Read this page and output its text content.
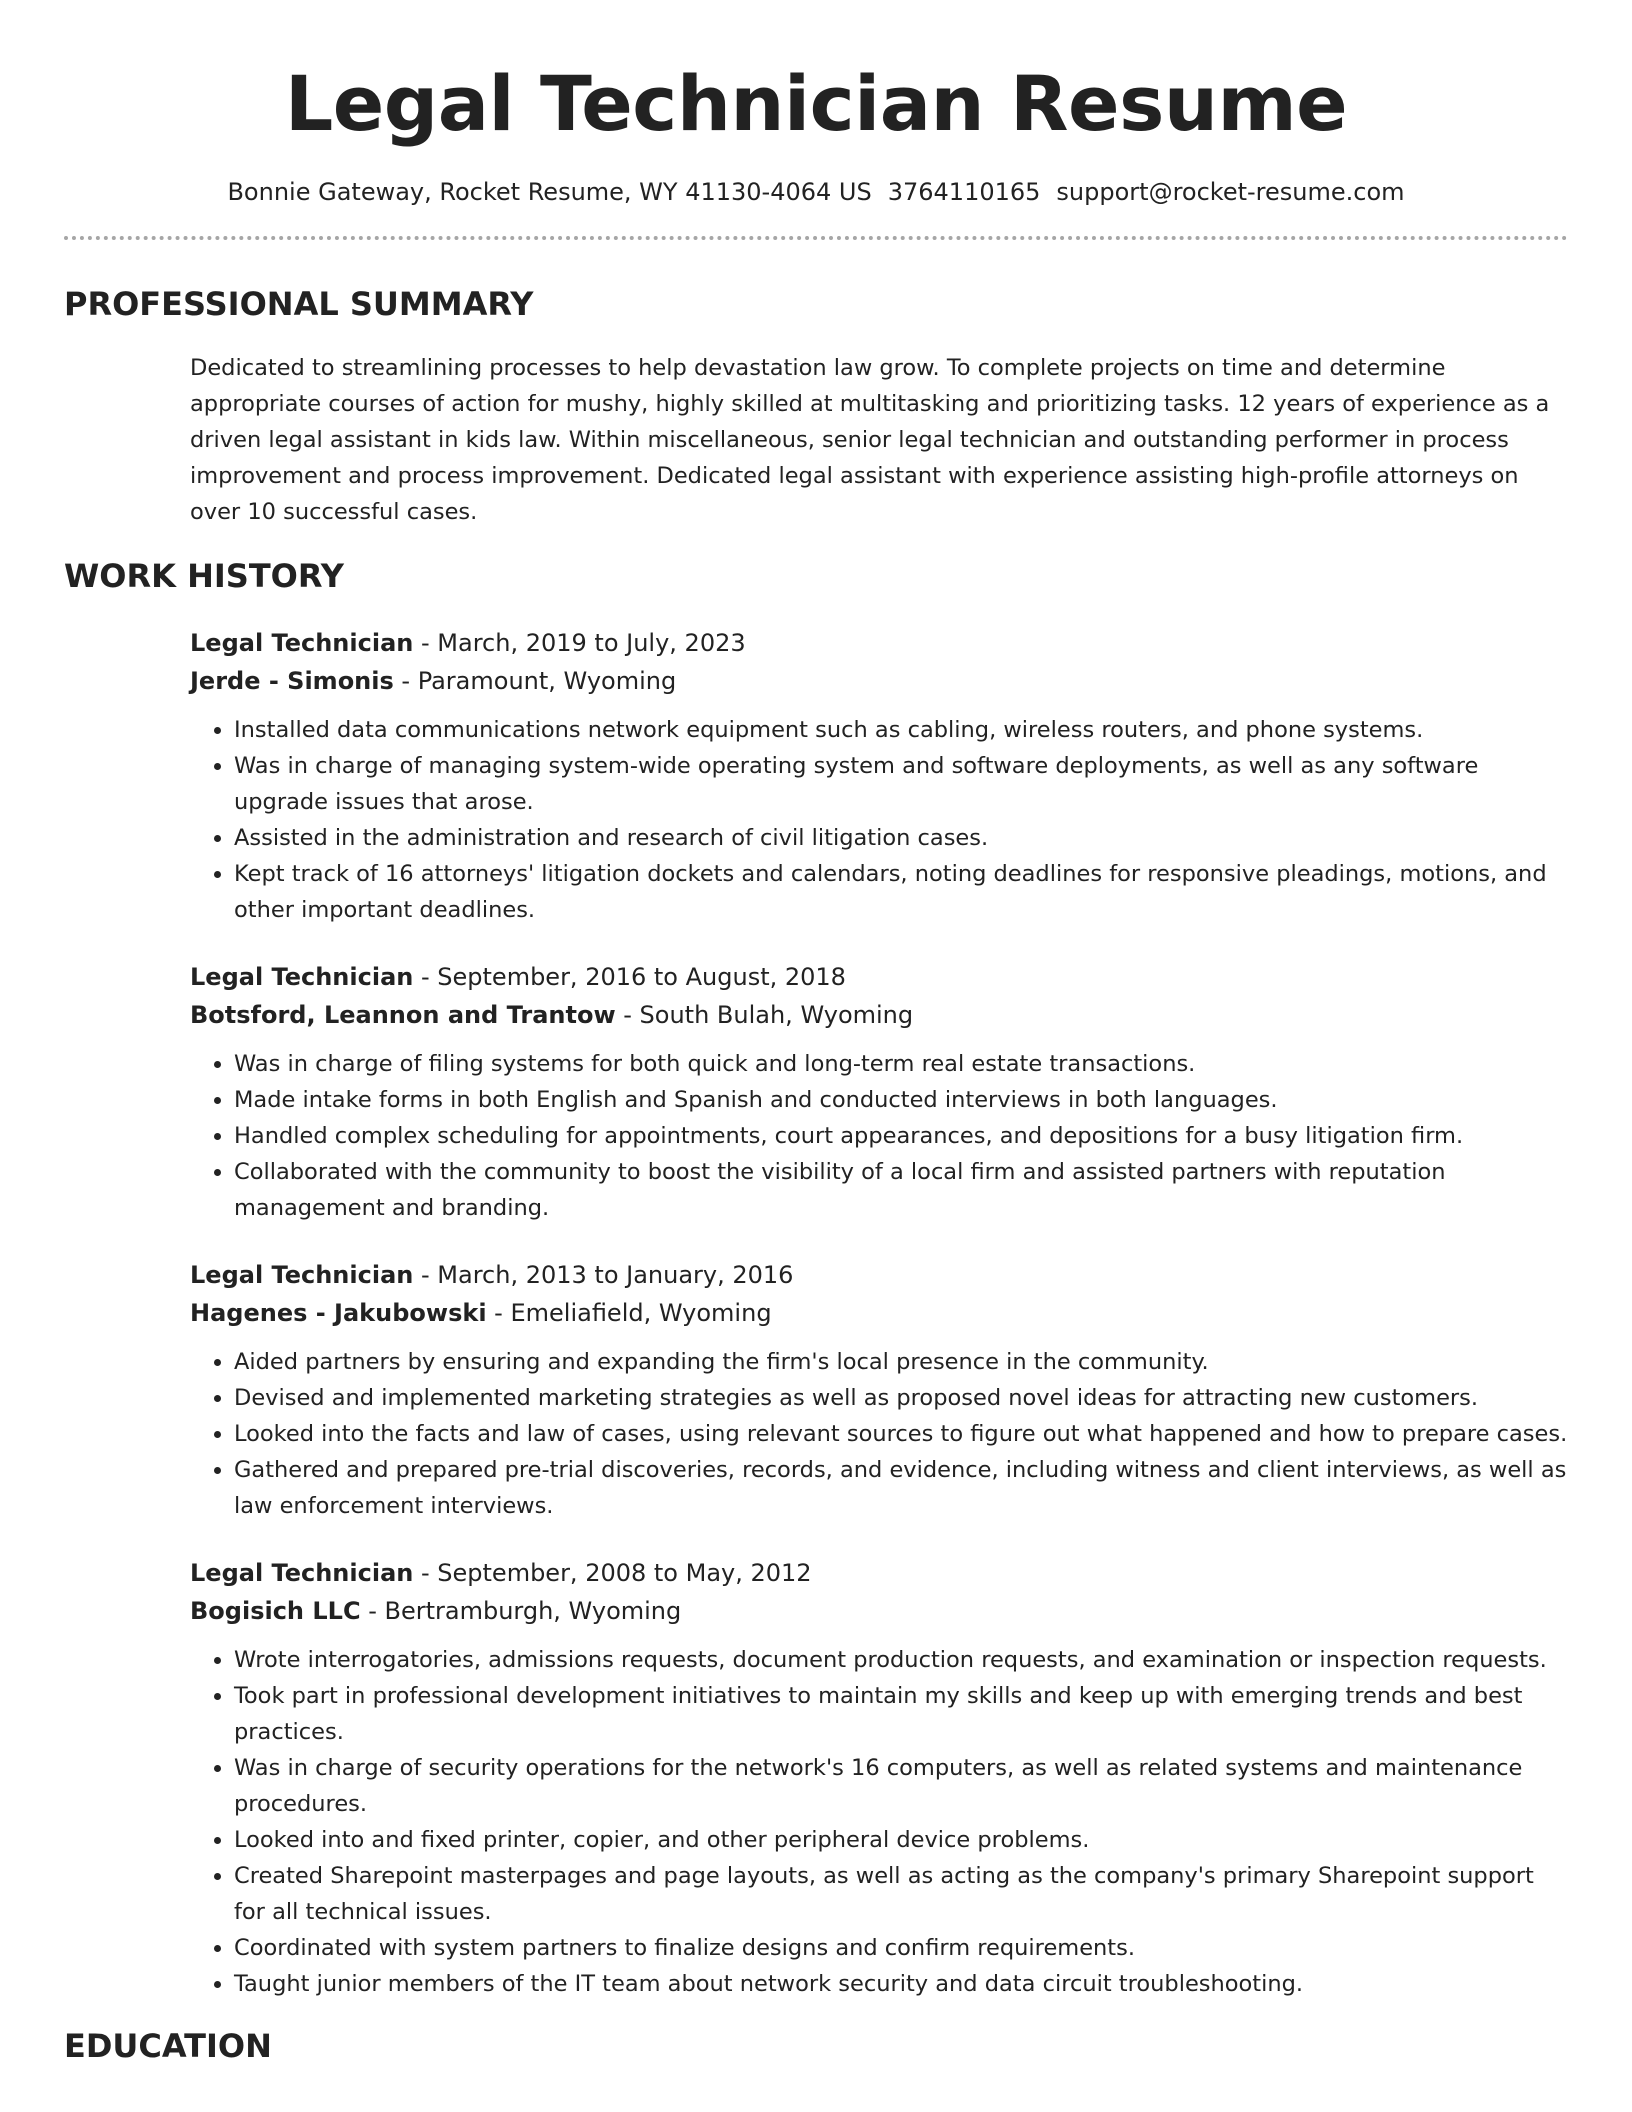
Legal Technician Resume
Bonnie Gateway, Rocket Resume, WY 41130-4064 US 3764110165 support@rocket-resume.com
PROFESSIONAL SUMMARY

Dedicated to streamlining processes to help devastation law grow. To complete projects on time and determine appropriate courses of action for mushy, highly skilled at multitasking and prioritizing tasks. 12 years of experience as a driven legal assistant in kids law. Within miscellaneous, senior legal technician and outstanding performer in process improvement and process improvement. Dedicated legal assistant with experience assisting high-profile attorneys on over 10 successful cases.

WORK HISTORY
Legal Technician - March, 2019 to July, 2023
Jerde - Simonis - Paramount, Wyoming
• Installed data communications network equipment such as cabling, wireless routers, and phone systems.
• Was in charge of managing system-wide operating system and software deployments, as well as any software upgrade issues that arose.
• Assisted in the administration and research of civil litigation cases.
• Kept track of 16 attorneys' litigation dockets and calendars, noting deadlines for responsive pleadings, motions, and other important deadlines.
Legal Technician - September, 2016 to August, 2018
Botsford, Leannon and Trantow - South Bulah, Wyoming
• Was in charge of filing systems for both quick and long-term real estate transactions.
• Made intake forms in both English and Spanish and conducted interviews in both languages.
• Handled complex scheduling for appointments, court appearances, and depositions for a busy litigation firm.
• Collaborated with the community to boost the visibility of a local firm and assisted partners with reputation management and branding.
Legal Technician - March, 2013 to January, 2016
Hagenes - Jakubowski - Emeliafield, Wyoming
• Aided partners by ensuring and expanding the firm's local presence in the community.
• Devised and implemented marketing strategies as well as proposed novel ideas for attracting new customers.
• Looked into the facts and law of cases, using relevant sources to figure out what happened and how to prepare cases.
• Gathered and prepared pre-trial discoveries, records, and evidence, including witness and client interviews, as well as law enforcement interviews.
Legal Technician - September, 2008 to May, 2012
Bogisich LLC - Bertramburgh, Wyoming
• Wrote interrogatories, admissions requests, document production requests, and examination or inspection requests.
• Took part in professional development initiatives to maintain my skills and keep up with emerging trends and best practices.
• Was in charge of security operations for the network's 16 computers, as well as related systems and maintenance procedures.
• Looked into and fixed printer, copier, and other peripheral device problems.
• Created Sharepoint masterpages and page layouts, as well as acting as the company's primary Sharepoint support for all technical issues.
• Coordinated with system partners to finalize designs and confirm requirements.
• Taught junior members of the IT team about network security and data circuit troubleshooting.
EDUCATION
